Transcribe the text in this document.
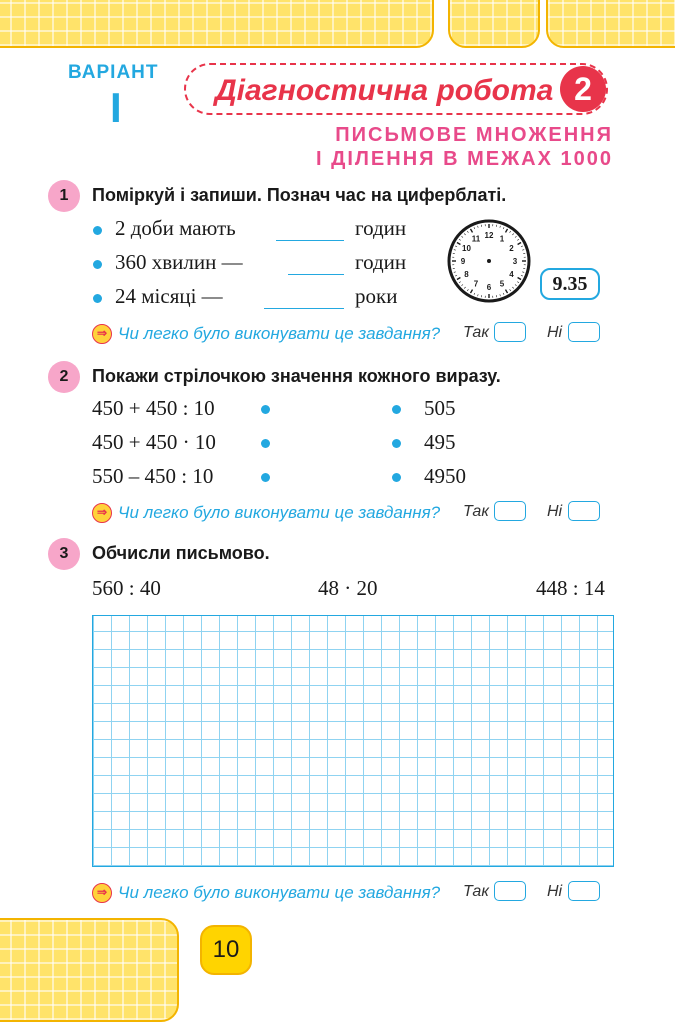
ВАРІАНТ
I	Діагностична робота 2
ПИСЬМОВЕ МНОЖЕННЯ
І ДІЛЕННЯ В МЕЖАХ 1000
1	Поміркуй і запиши. Познач час на циферблаті.
2 доби мають	годин
360 хвилин —	годин
24 місяці —	роки
12 1
2
3
4
5
6
7
8
9
10
11
9.35
⇒ Чи легко було виконувати це завдання? Так	Ні
2	Покажи стрілочкою значення кожного виразу.
450 + 450 : 10	505
450 + 450 · 10	495
550 – 450 : 10	4950
⇒ Чи легко було виконувати це завдання? Так	Ні
3	Обчисли письмово.
560 : 40	48 · 20	448 : 14
⇒ Чи легко було виконувати це завдання? Так	Ні
10
